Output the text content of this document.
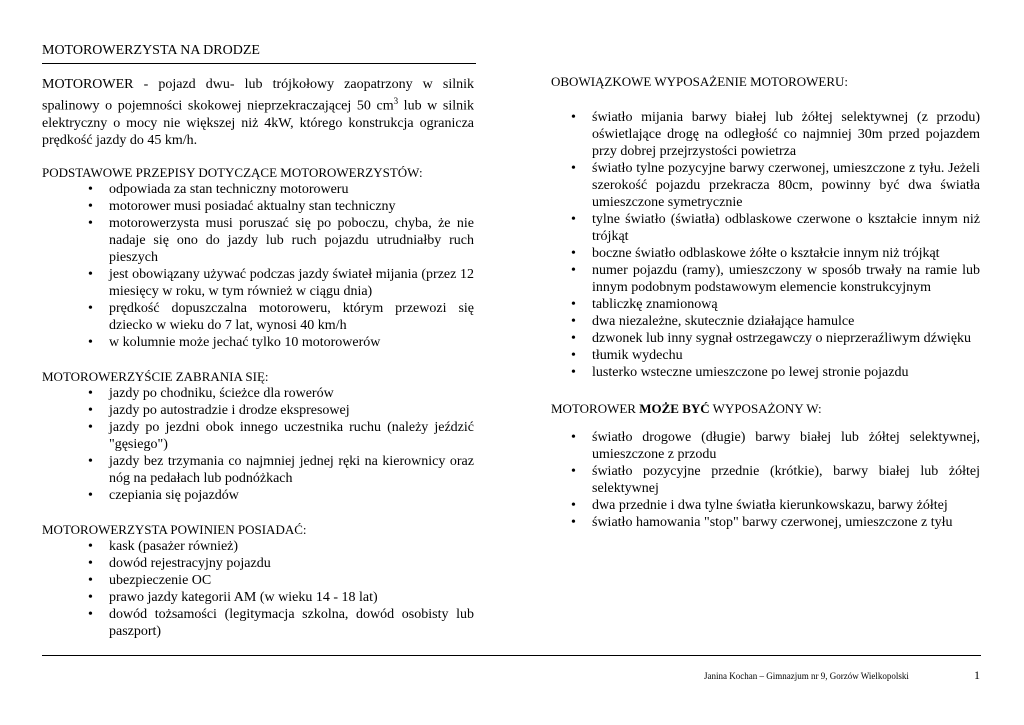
MOTOROWERZYSTA NA DRODZE

MOTOROWER - pojazd dwu- lub trójkołowy zaopatrzony w silnik spalinowy o pojemności skokowej nieprzekraczającej 50 $cm^3$ lub w silnik elektryczny o mocy nie większej niż 4kW, którego konstrukcja ogranicza prędkość jazdy do 45 km/h.

PODSTAWOWE PRZEPISY DOTYCZĄCE MOTOROWERZYSTÓW:
• odpowiada za stan techniczny motoroweru
• motorower musi posiadać aktualny stan techniczny
• motorowerzysta musi poruszać się po poboczu, chyba, że nie nadaje się ono do jazdy lub ruch pojazdu utrudniałby ruch pieszych
• jest obowiązany używać podczas jazdy świateł mijania (przez 12 miesięcy w roku, w tym również w ciągu dnia)
• prędkość dopuszczalna motoroweru, którym przewozi się dziecko w wieku do 7 lat, wynosi 40 km/h
• w kolumnie może jechać tylko 10 motorowerów
MOTOROWERZYŚCIE ZABRANIA SIĘ:
• jazdy po chodniku, ścieżce dla rowerów
• jazdy po autostradzie i drodze ekspresowej
• jazdy po jezdni obok innego uczestnika ruchu (należy jeździć "gęsiego")
• jazdy bez trzymania co najmniej jednej ręki na kierownicy oraz nóg na pedałach lub podnóżkach
• czepiania się pojazdów
MOTOROWERZYSTA POWINIEN POSIADAĆ:
• kask (pasażer również)
• dowód rejestracyjny pojazdu
• ubezpieczenie OC
• prawo jazdy kategorii AM (w wieku 14 - 18 lat)
• dowód tożsamości (legitymacja szkolna, dowód osobisty lub paszport)
OBOWIĄZKOWE WYPOSAŻENIE MOTOROWERU:
• światło mijania barwy białej lub żółtej selektywnej (z przodu) oświetlające drogę na odległość co najmniej 30m przed pojazdem przy dobrej przejrzystości powietrza
• światło tylne pozycyjne barwy czerwonej, umieszczone z tyłu. Jeżeli szerokość pojazdu przekracza 80cm, powinny być dwa światła umieszczone symetrycznie
• tylne światło (światła) odblaskowe czerwone o kształcie innym niż trójkąt
• boczne światło odblaskowe żółte o kształcie innym niż trójkąt
• numer pojazdu (ramy), umieszczony w sposób trwały na ramie lub innym podobnym podstawowym elemencie konstrukcyjnym
• tabliczkę znamionową
• dwa niezależne, skutecznie działające hamulce
• dzwonek lub inny sygnał ostrzegawczy o nieprzeraźliwym dźwięku
• tłumik wydechu
• lusterko wsteczne umieszczone po lewej stronie pojazdu
MOTOROWER MOŻE BYĆ WYPOSAŻONY W:
• światło drogowe (długie) barwy białej lub żółtej selektywnej, umieszczone z przodu
• światło pozycyjne przednie (krótkie), barwy białej lub żółtej selektywnej
• dwa przednie i dwa tylne światła kierunkowskazu, barwy żółtej
• światło hamowania "stop" barwy czerwonej, umieszczone z tyłu
Janina Kochan – Gimnazjum nr 9, Gorzów Wielkopolski	1
